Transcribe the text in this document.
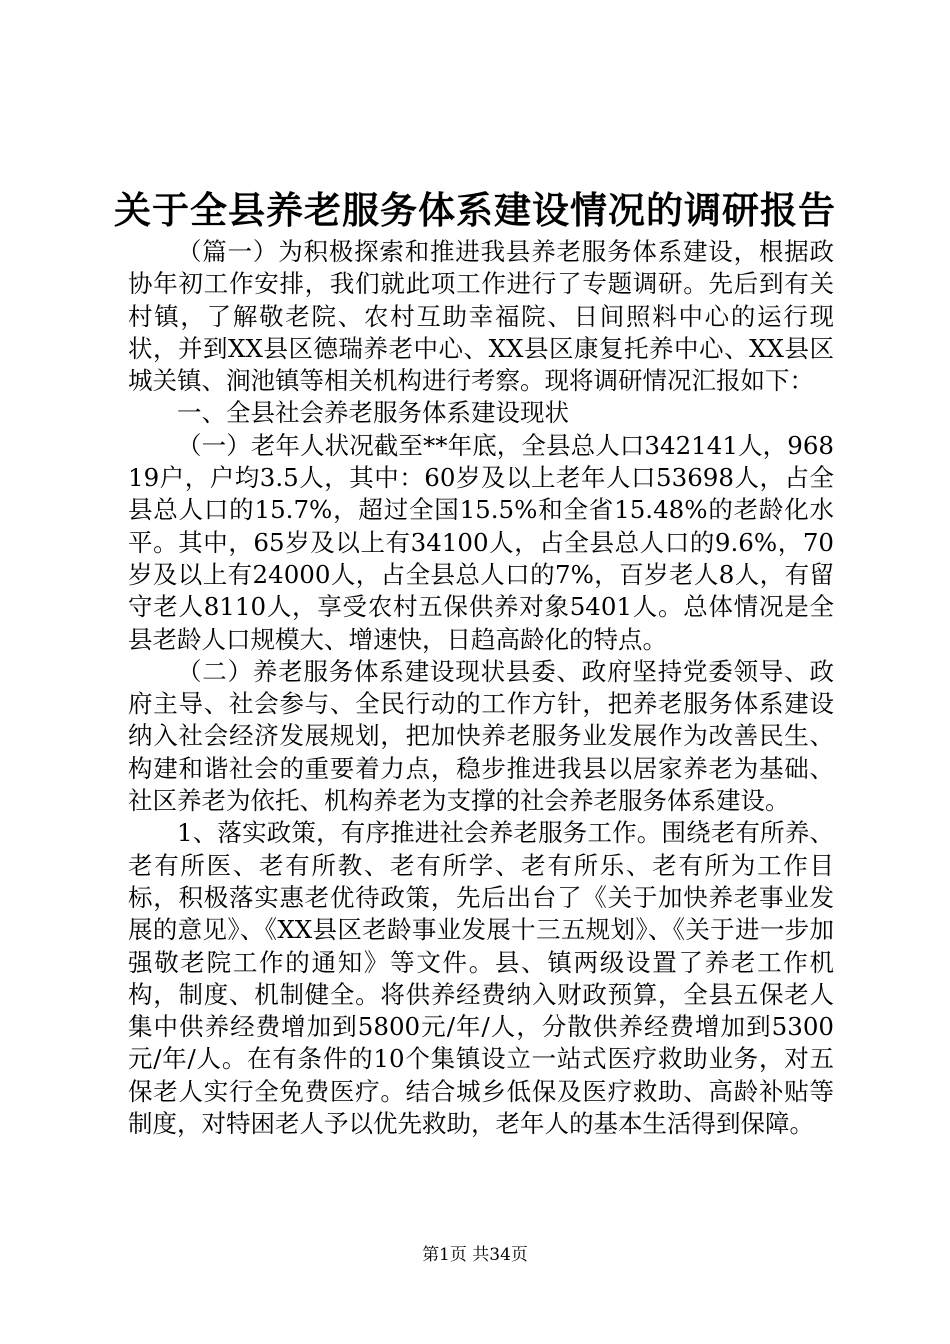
关于全县养老服务体系建设情况的调研报告

（篇一）为积极探索和推进我县养老服务体系建设，根据政协年初工作安排，我们就此项工作进行了专题调研。先后到有关村镇，了解敬老院、农村互助幸福院、日间照料中心的运行现状，并到XX县区德瑞养老中心、XX县区康复托养中心、XX县区城关镇、涧池镇等相关机构进行考察。现将调研情况汇报如下：

一、全县社会养老服务体系建设现状

（一）老年人状况截至**年底，全县总人口342141人，96819户，户均3.5人，其中：60岁及以上老年人口53698人，占全县总人口的15.7%，超过全国15.5%和全省15.48%的老龄化水平。其中，65岁及以上有34100人，占全县总人口的9.6%，70岁及以上有24000人，占全县总人口的7%，百岁老人8人，有留守老人8110人，享受农村五保供养对象5401人。总体情况是全县老龄人口规模大、增速快，日趋高龄化的特点。

（二）养老服务体系建设现状县委、政府坚持党委领导、政府主导、社会参与、全民行动的工作方针，把养老服务体系建设纳入社会经济发展规划，把加快养老服务业发展作为改善民生、构建和谐社会的重要着力点，稳步推进我县以居家养老为基础、社区养老为依托、机构养老为支撑的社会养老服务体系建设。

1、落实政策，有序推进社会养老服务工作。围绕老有所养、老有所医、老有所教、老有所学、老有所乐、老有所为工作目标，积极落实惠老优待政策，先后出台了《关于加快养老事业发展的意见》、《XX县区老龄事业发展十三五规划》、《关于进一步加强敬老院工作的通知》等文件。县、镇两级设置了养老工作机构，制度、机制健全。将供养经费纳入财政预算，全县五保老人集中供养经费增加到5800元/年/人，分散供养经费增加到5300元/年/人。在有条件的10个集镇设立一站式医疗救助业务，对五保老人实行全免费医疗。结合城乡低保及医疗救助、高龄补贴等制度，对特困老人予以优先救助，老年人的基本生活得到保障。

第1页 共34页
